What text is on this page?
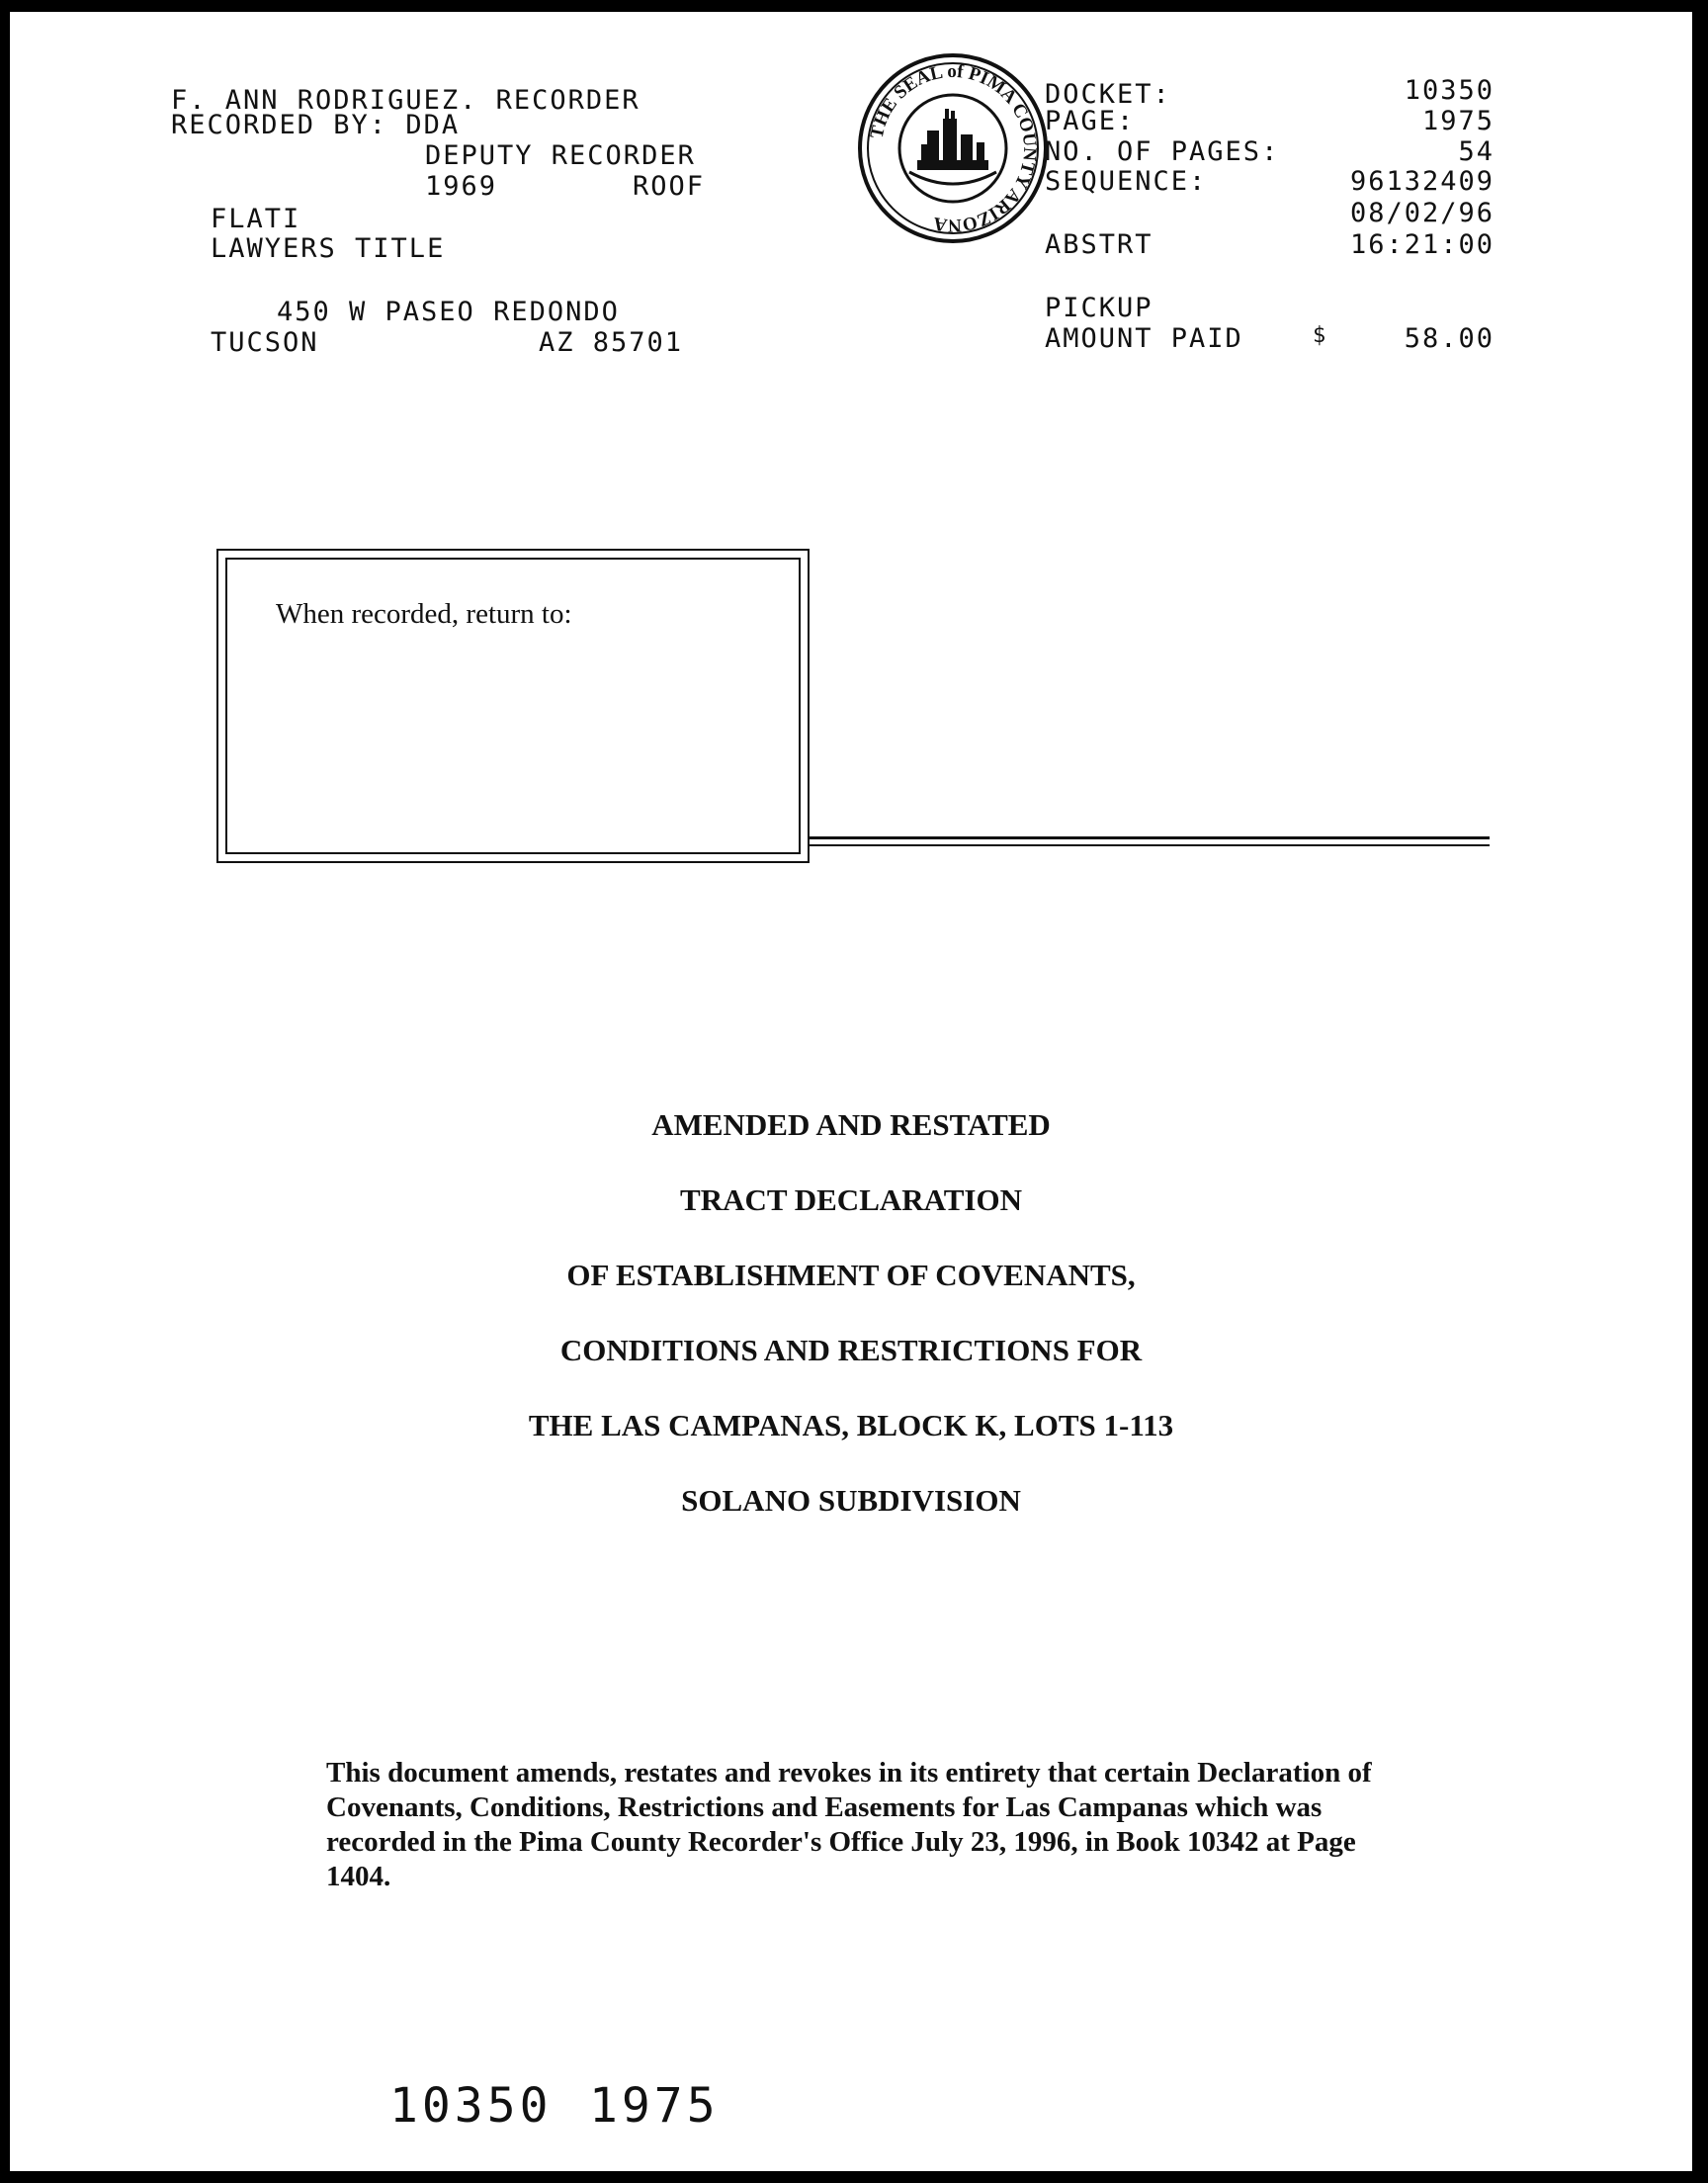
F. ANN RODRIGUEZ. RECORDER
RECORDED BY: DDA
DEPUTY RECORDER
1969	ROOF
FLATI
LAWYERS TITLE
450 W PASEO REDONDO
TUCSON	AZ 85701
THE SEAL of PIMA COUNTY ARIZONA
DOCKET:	10350
PAGE:	1975
NO. OF PAGES:	54
SEQUENCE:	96132409
08/02/96
ABSTRT	16:21:00
PICKUP
AMOUNT PAID	$	58.00
When recorded, return to:
AMENDED AND RESTATED
TRACT DECLARATION
OF ESTABLISHMENT OF COVENANTS,
CONDITIONS AND RESTRICTIONS FOR
THE LAS CAMPANAS, BLOCK K, LOTS 1-113
SOLANO SUBDIVISION
This document amends, restates and revokes in its entirety that certain Declaration of Covenants, Conditions, Restrictions and Easements for Las Campanas which was recorded in the Pima County Recorder's Office July 23, 1996, in Book 10342 at Page 1404.
10350 1975
